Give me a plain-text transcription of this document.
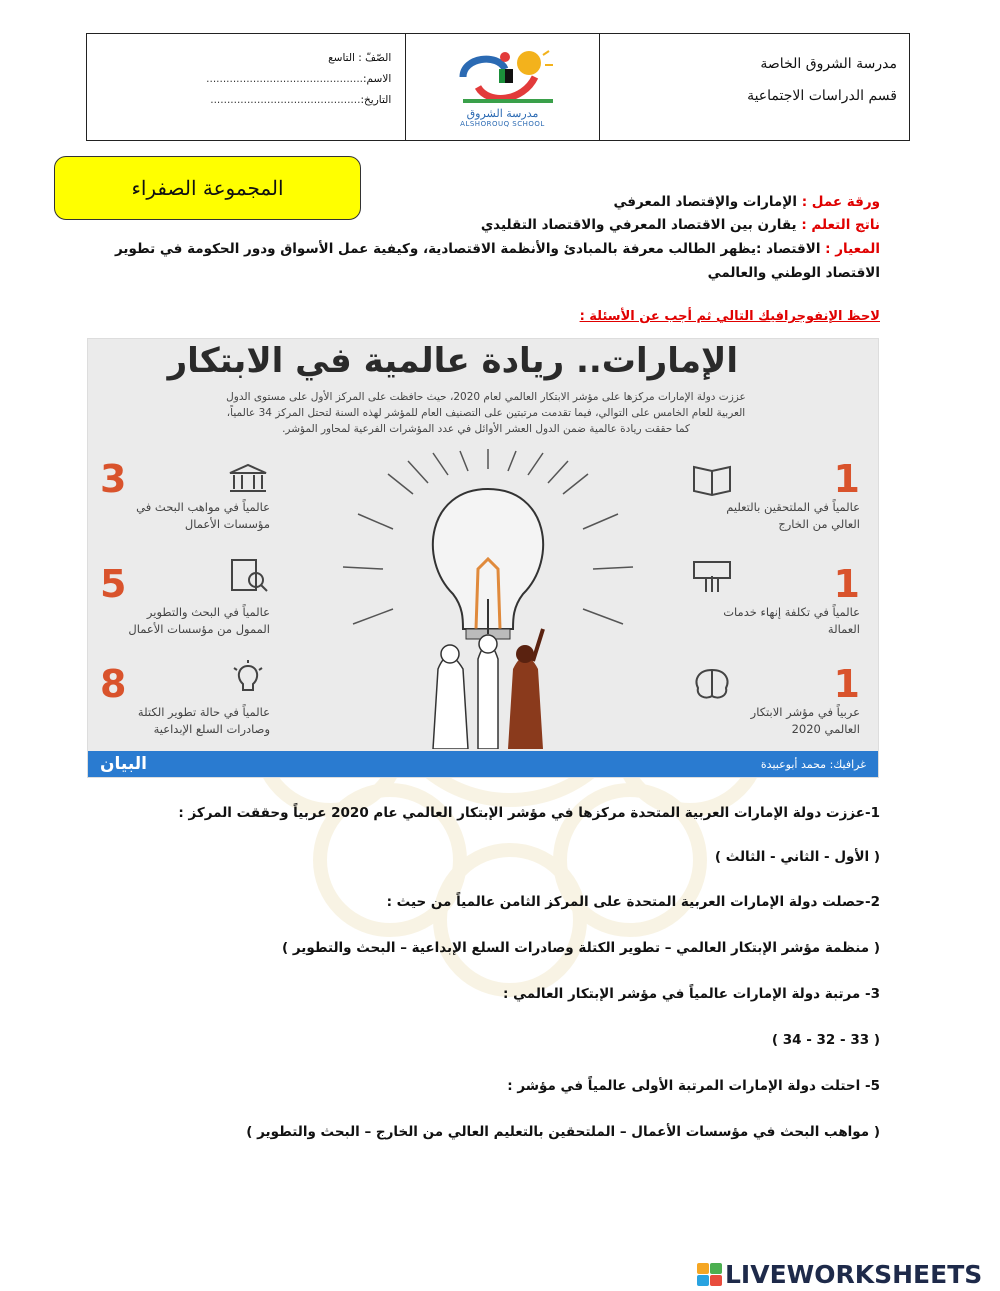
الصّفّ : التاسع
الاسم:...............................................
التاريخ:.............................................
مدرسة الشروق
ALSHOROUQ SCHOOL
مدرسة الشروق الخاصة
قسم الدراسات الاجتماعية
المجموعة الصفراء
ورقة عمل : الإمارات والإقتصاد المعرفي
ناتج التعلم : يقارن بين الاقتصاد المعرفي والاقتصاد التقليدي
المعيار : الاقتصاد :يظهر الطالب معرفة بالمبادئ والأنظمة الاقتصادية، وكيفية عمل الأسواق ودور الحكومة في تطوير
الاقتصاد الوطني والعالمي
لاحظ الإنفوجرافيك التالي ثم أجب عن الأسئلة :
الإمارات.. ريادة عالمية في الابتكار
عززت دولة الإمارات مركزها على مؤشر الابتكار العالمي لعام 2020، حيث حافظت على المركز الأول على مستوى الدول
العربية للعام الخامس على التوالي، فيما تقدمت مرتبتين على التصنيف العام للمؤشر لهذه السنة لتحتل المركز 34 عالمياً،
كما حققت ريادة عالمية ضمن الدول العشر الأوائل في عدد المؤشرات الفرعية لمحاور المؤشر.
1
عالمياً في الملتحقين بالتعليم
العالي من الخارج
1
عالمياً في تكلفة إنهاء خدمات
العمالة
1
عربياً في مؤشر الابتكار
العالمي 2020
3
عالمياً في مواهب البحث في
مؤسسات الأعمال
5
عالمياً في البحث والتطوير
الممول من مؤسسات الأعمال
8
عالمياً في حالة تطوير الكتلة
وصادرات السلع الإبداعية
البيان	غرافيك: محمد أبوعبيدة
1-عززت دولة الإمارات العربية المتحدة مركزها في مؤشر الإبتكار العالمي عام 2020 عربياً وحققت المركز :
( الأول - الثاني - الثالث )
2-حصلت دولة الإمارات العربية المتحدة على المركز الثامن عالمياً من حيث :
( منظمة مؤشر الإبتكار العالمي – تطوير الكتلة وصادرات السلع الإبداعية – البحث والتطوير )
3- مرتبة دولة الإمارات عالمياً في مؤشر الإبتكار العالمي :
( 33 - 32 - 34 )
5- احتلت دولة الإمارات المرتبة الأولى عالمياً في مؤشر :
( مواهب البحث في مؤسسات الأعمال – الملتحقين بالتعليم العالي من الخارج – البحث والتطوير )
LIVEWORKSHEETS
